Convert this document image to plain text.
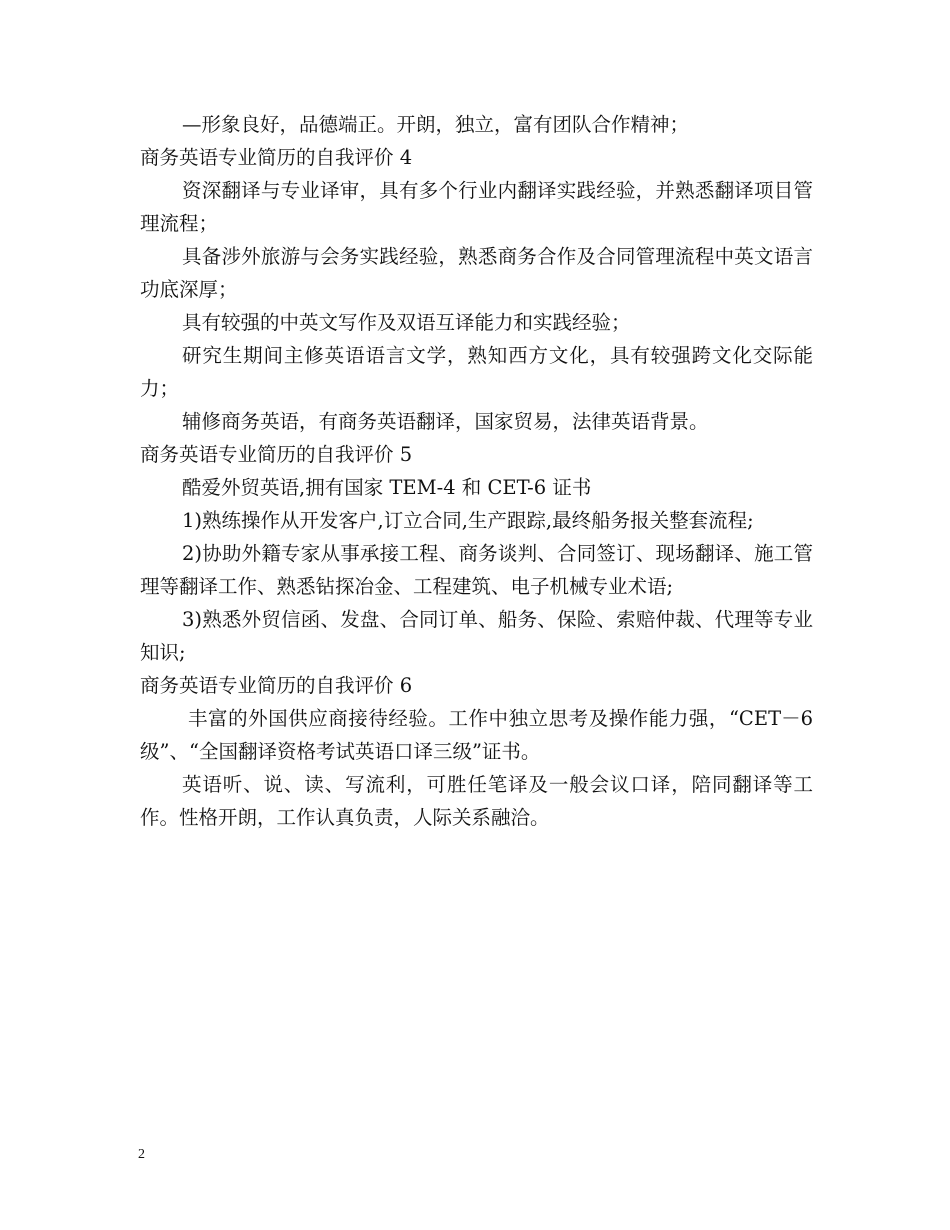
—形象良好，品德端正。开朗，独立，富有团队合作精神；

商务英语专业简历的自我评价 4

资深翻译与专业译审，具有多个行业内翻译实践经验，并熟悉翻译项目管理流程；

具备涉外旅游与会务实践经验，熟悉商务合作及合同管理流程中英文语言功底深厚；

具有较强的中英文写作及双语互译能力和实践经验；

研究生期间主修英语语言文学，熟知西方文化，具有较强跨文化交际能力；

辅修商务英语，有商务英语翻译，国家贸易，法律英语背景。

商务英语专业简历的自我评价 5

酷爱外贸英语,拥有国家 TEM-4 和 CET-6 证书

1)熟练操作从开发客户,订立合同,生产跟踪,最终船务报关整套流程;

2)协助外籍专家从事承接工程、商务谈判、合同签订、现场翻译、施工管理等翻译工作、熟悉钻探冶金、工程建筑、电子机械专业术语;

3)熟悉外贸信函、发盘、合同订单、船务、保险、索赔仲裁、代理等专业知识;

商务英语专业简历的自我评价 6

丰富的外国供应商接待经验。工作中独立思考及操作能力强，“CET－6 级”、“全国翻译资格考试英语口译三级”证书。

英语听、说、读、写流利，可胜任笔译及一般会议口译，陪同翻译等工作。性格开朗，工作认真负责，人际关系融洽。

2
